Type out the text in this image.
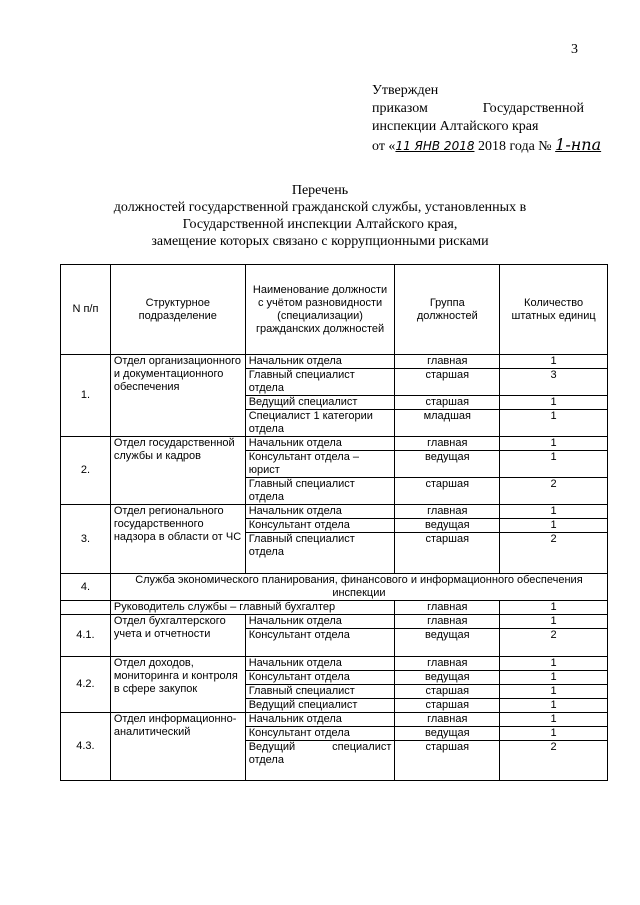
3
Утвержден
приказом	Государственной
инспекции Алтайского края
от «11 ЯНВ 2018 2018 года № 1-нпа
Перечень
должностей государственной гражданской службы, установленных в
Государственной инспекции Алтайского края,
замещение которых связано с коррупционными рисками
N п/п	Структурное подразделение	Наименование должности с учётом разновидности (специализации) гражданских должностей	Группа должностей	Количество штатных единиц
1.	Отдел организационного и документационного обеспечения	Начальник отдела	главная	1
		Главный специалист отдела	старшая	3
		Ведущий специалист	старшая	1
		Специалист 1 категории отдела	младшая	1
2.	Отдел государственной службы и кадров	Начальник отдела	главная	1
		Консультант отдела – юрист	ведущая	1
		Главный специалист отдела	старшая	2
3.	Отдел регионального государственного надзора в области от ЧС	Начальник отдела	главная	1
		Консультант отдела	ведущая	1
		Главный специалист отдела	старшая	2
4.	Служба экономического планирования, финансового и информационного обеспечения инспекции			
	Руководитель службы – главный бухгалтер		главная	1
4.1.	Отдел бухгалтерского учета и отчетности	Начальник отдела	главная	1
		Консультант отдела	ведущая	2
4.2.	Отдел доходов, мониторинга и контроля в сфере закупок	Начальник отдела	главная	1
		Консультант отдела	ведущая	1
		Главный специалист	старшая	1
		Ведущий специалист	старшая	1
4.3.	Отдел информационно-аналитический	Начальник отдела	главная	1
		Консультант отдела	ведущая	1
		Ведущий специалист отдела	старшая	2
